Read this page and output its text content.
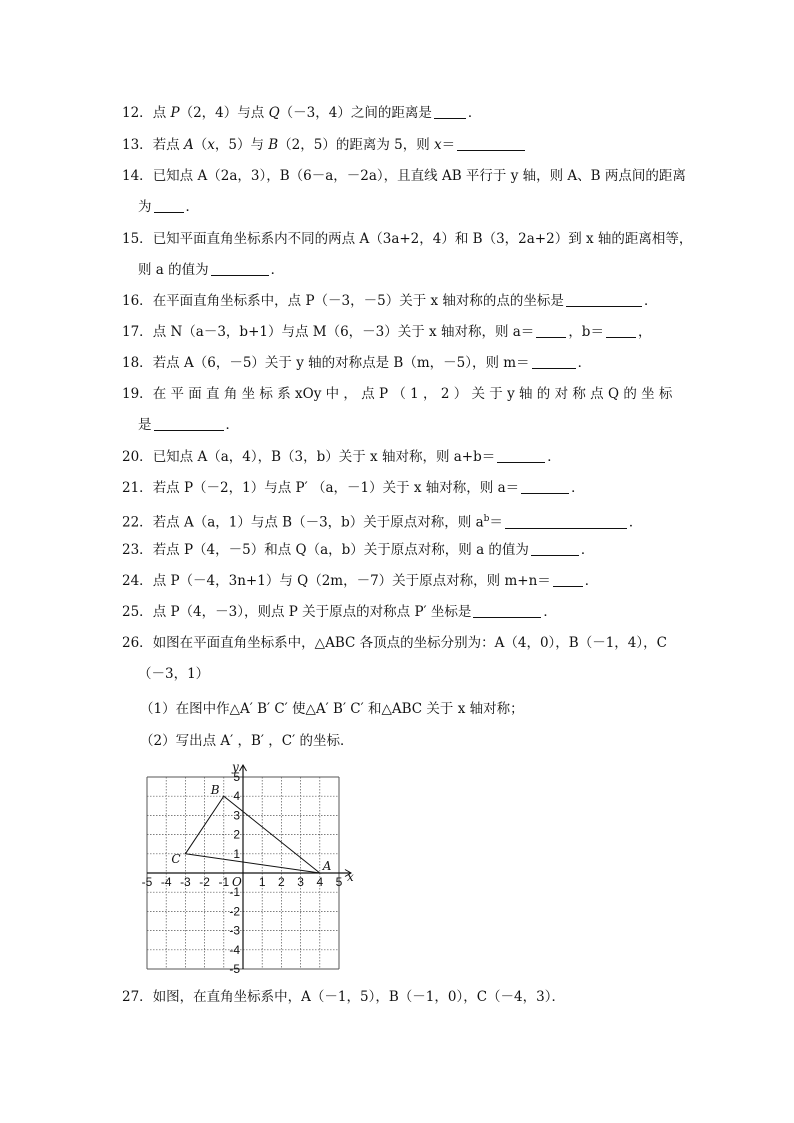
12．点 P（2，4）与点 Q（－3，4）之间的距离是	．
13．若点 A（x，5）与 B（2，5）的距离为 5，则 x＝
14．已知点 A（2a，3），B（6－a，－2a），且直线 AB 平行于 y 轴，则 A、B 两点间的距离
为	．
15．已知平面直角坐标系内不同的两点 A（3a+2，4）和 B（3，2a+2）到 x 轴的距离相等，
则 a 的值为	．
16．在平面直角坐标系中，点 P（－3，－5）关于 x 轴对称的点的坐标是	．
17．点 N（a－3，b+1）与点 M（6，－3）关于 x 轴对称，则 a＝	，b＝	，
18．若点 A（6，－5）关于 y 轴的对称点是 B（m，－5），则 m＝	．
19．在 平 面 直 角 坐 标 系 xOy 中 ， 点 P （ 1 ， 2 ） 关 于 y 轴 的 对 称 点 Q 的 坐 标
是	．
20．已知点 A（a，4），B（3，b）关于 x 轴对称，则 a+b＝	．
21．若点 P（－2，1）与点 P′ （a，－1）关于 x 轴对称，则 a＝	．
22．若点 A（a，1）与点 B（－3，b）关于原点对称，则 $a^b=$	．
23．若点 P（4，－5）和点 Q（a，b）关于原点对称，则 a 的值为	．
24．点 P（－4，3n+1）与 Q（2m，－7）关于原点对称，则 m+n＝	．
25．点 P（4，－3），则点 P 关于原点的对称点 P′ 坐标是	．
26．如图在平面直角坐标系中，△ABC 各顶点的坐标分别为：A（4，0），B（－1，4），C
（－3，1）
（1）在图中作△A′ B′ C′ 使△A′ B′ C′ 和△ABC 关于 x 轴对称；
（2）写出点 A′ ，B′ ，C′ 的坐标．
x
y
O
-5 -4 -3 -2 -1 1 2 3 4 5
5
4
3
2
1
-1
-2
-3
-4
-5
A
B
C
27．如图，在直角坐标系中，A（－1，5），B（－1，0），C（－4，3）．
